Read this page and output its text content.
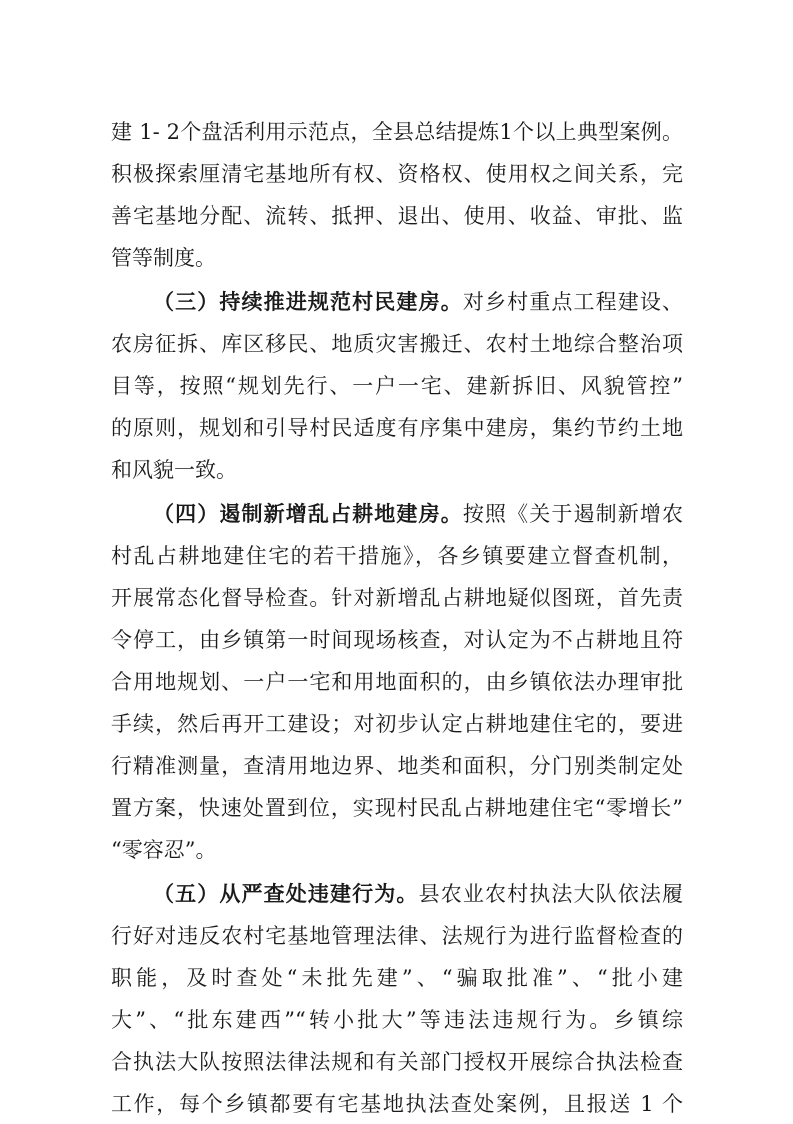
建 1- 2个盘活利用示范点，全县总结提炼1个以上典型案例。
积极探索厘清宅基地所有权、资格权、使用权之间关系，完
善宅基地分配、流转、抵押、退出、使用、收益、审批、监
管等制度。
（三）持续推进规范村民建房。对乡村重点工程建设、
农房征拆、库区移民、地质灾害搬迁、农村土地综合整治项
目等，按照“规划先行、一户一宅、建新拆旧、风貌管控”
的原则，规划和引导村民适度有序集中建房，集约节约土地
和风貌一致。
（四）遏制新增乱占耕地建房。按照《关于遏制新增农
村乱占耕地建住宅的若干措施》，各乡镇要建立督查机制，
开展常态化督导检查。针对新增乱占耕地疑似图斑，首先责
令停工，由乡镇第一时间现场核查，对认定为不占耕地且符
合用地规划、一户一宅和用地面积的，由乡镇依法办理审批
手续，然后再开工建设；对初步认定占耕地建住宅的，要进
行精准测量，查清用地边界、地类和面积，分门别类制定处
置方案，快速处置到位，实现村民乱占耕地建住宅“零增长”
“零容忍”。
（五）从严查处违建行为。县农业农村执法大队依法履
行好对违反农村宅基地管理法律、法规行为进行监督检查的
职能，及时查处“未批先建”、“骗取批准”、“批小建
大”、“批东建西”“转小批大”等违法违规行为。乡镇综
合执法大队按照法律法规和有关部门授权开展综合执法检查
工作，每个乡镇都要有宅基地执法查处案例，且报送 1 个
